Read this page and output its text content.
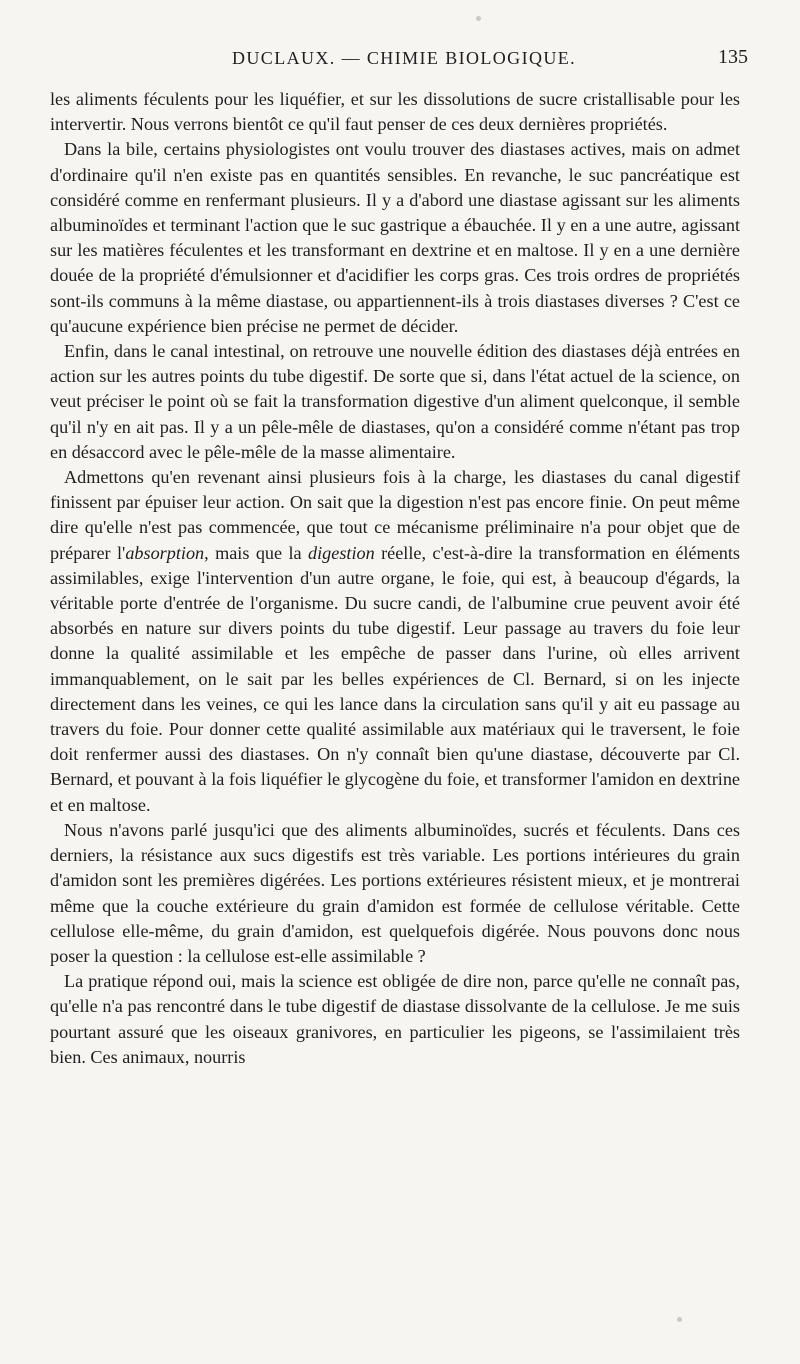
DUCLAUX. — CHIMIE BIOLOGIQUE.	135

les aliments féculents pour les liquéfier, et sur les dissolutions de sucre cristallisable pour les intervertir. Nous verrons bientôt ce qu'il faut penser de ces deux dernières propriétés.

Dans la bile, certains physiologistes ont voulu trouver des diastases actives, mais on admet d'ordinaire qu'il n'en existe pas en quantités sensibles. En revanche, le suc pancréatique est considéré comme en renfermant plusieurs. Il y a d'abord une diastase agissant sur les aliments albuminoïdes et terminant l'action que le suc gastrique a ébauchée. Il y en a une autre, agissant sur les matières féculentes et les transformant en dextrine et en maltose. Il y en a une dernière douée de la propriété d'émulsionner et d'acidifier les corps gras. Ces trois ordres de propriétés sont-ils communs à la même diastase, ou appartiennent-ils à trois diastases diverses ? C'est ce qu'aucune expérience bien précise ne permet de décider.

Enfin, dans le canal intestinal, on retrouve une nouvelle édition des diastases déjà entrées en action sur les autres points du tube digestif. De sorte que si, dans l'état actuel de la science, on veut préciser le point où se fait la transformation digestive d'un aliment quelconque, il semble qu'il n'y en ait pas. Il y a un pêle-mêle de diastases, qu'on a considéré comme n'étant pas trop en désaccord avec le pêle-mêle de la masse alimentaire.

Admettons qu'en revenant ainsi plusieurs fois à la charge, les diastases du canal digestif finissent par épuiser leur action. On sait que la digestion n'est pas encore finie. On peut même dire qu'elle n'est pas commencée, que tout ce mécanisme préliminaire n'a pour objet que de préparer l'absorption, mais que la digestion réelle, c'est-à-dire la transformation en éléments assimilables, exige l'intervention d'un autre organe, le foie, qui est, à beaucoup d'égards, la véritable porte d'entrée de l'organisme. Du sucre candi, de l'albumine crue peuvent avoir été absorbés en nature sur divers points du tube digestif. Leur passage au travers du foie leur donne la qualité assimilable et les empêche de passer dans l'urine, où elles arrivent immanquablement, on le sait par les belles expériences de Cl. Bernard, si on les injecte directement dans les veines, ce qui les lance dans la circulation sans qu'il y ait eu passage au travers du foie. Pour donner cette qualité assimilable aux matériaux qui le traversent, le foie doit renfermer aussi des diastases. On n'y connaît bien qu'une diastase, découverte par Cl. Bernard, et pouvant à la fois liquéfier le glycogène du foie, et transformer l'amidon en dextrine et en maltose.

Nous n'avons parlé jusqu'ici que des aliments albuminoïdes, sucrés et féculents. Dans ces derniers, la résistance aux sucs digestifs est très variable. Les portions intérieures du grain d'amidon sont les premières digérées. Les portions extérieures résistent mieux, et je montrerai même que la couche extérieure du grain d'amidon est formée de cellulose véritable. Cette cellulose elle-même, du grain d'amidon, est quelquefois digérée. Nous pouvons donc nous poser la question : la cellulose est-elle assimilable ?

La pratique répond oui, mais la science est obligée de dire non, parce qu'elle ne connaît pas, qu'elle n'a pas rencontré dans le tube digestif de diastase dissolvante de la cellulose. Je me suis pourtant assuré que les oiseaux granivores, en particulier les pigeons, se l'assimilaient très bien. Ces animaux, nourris
